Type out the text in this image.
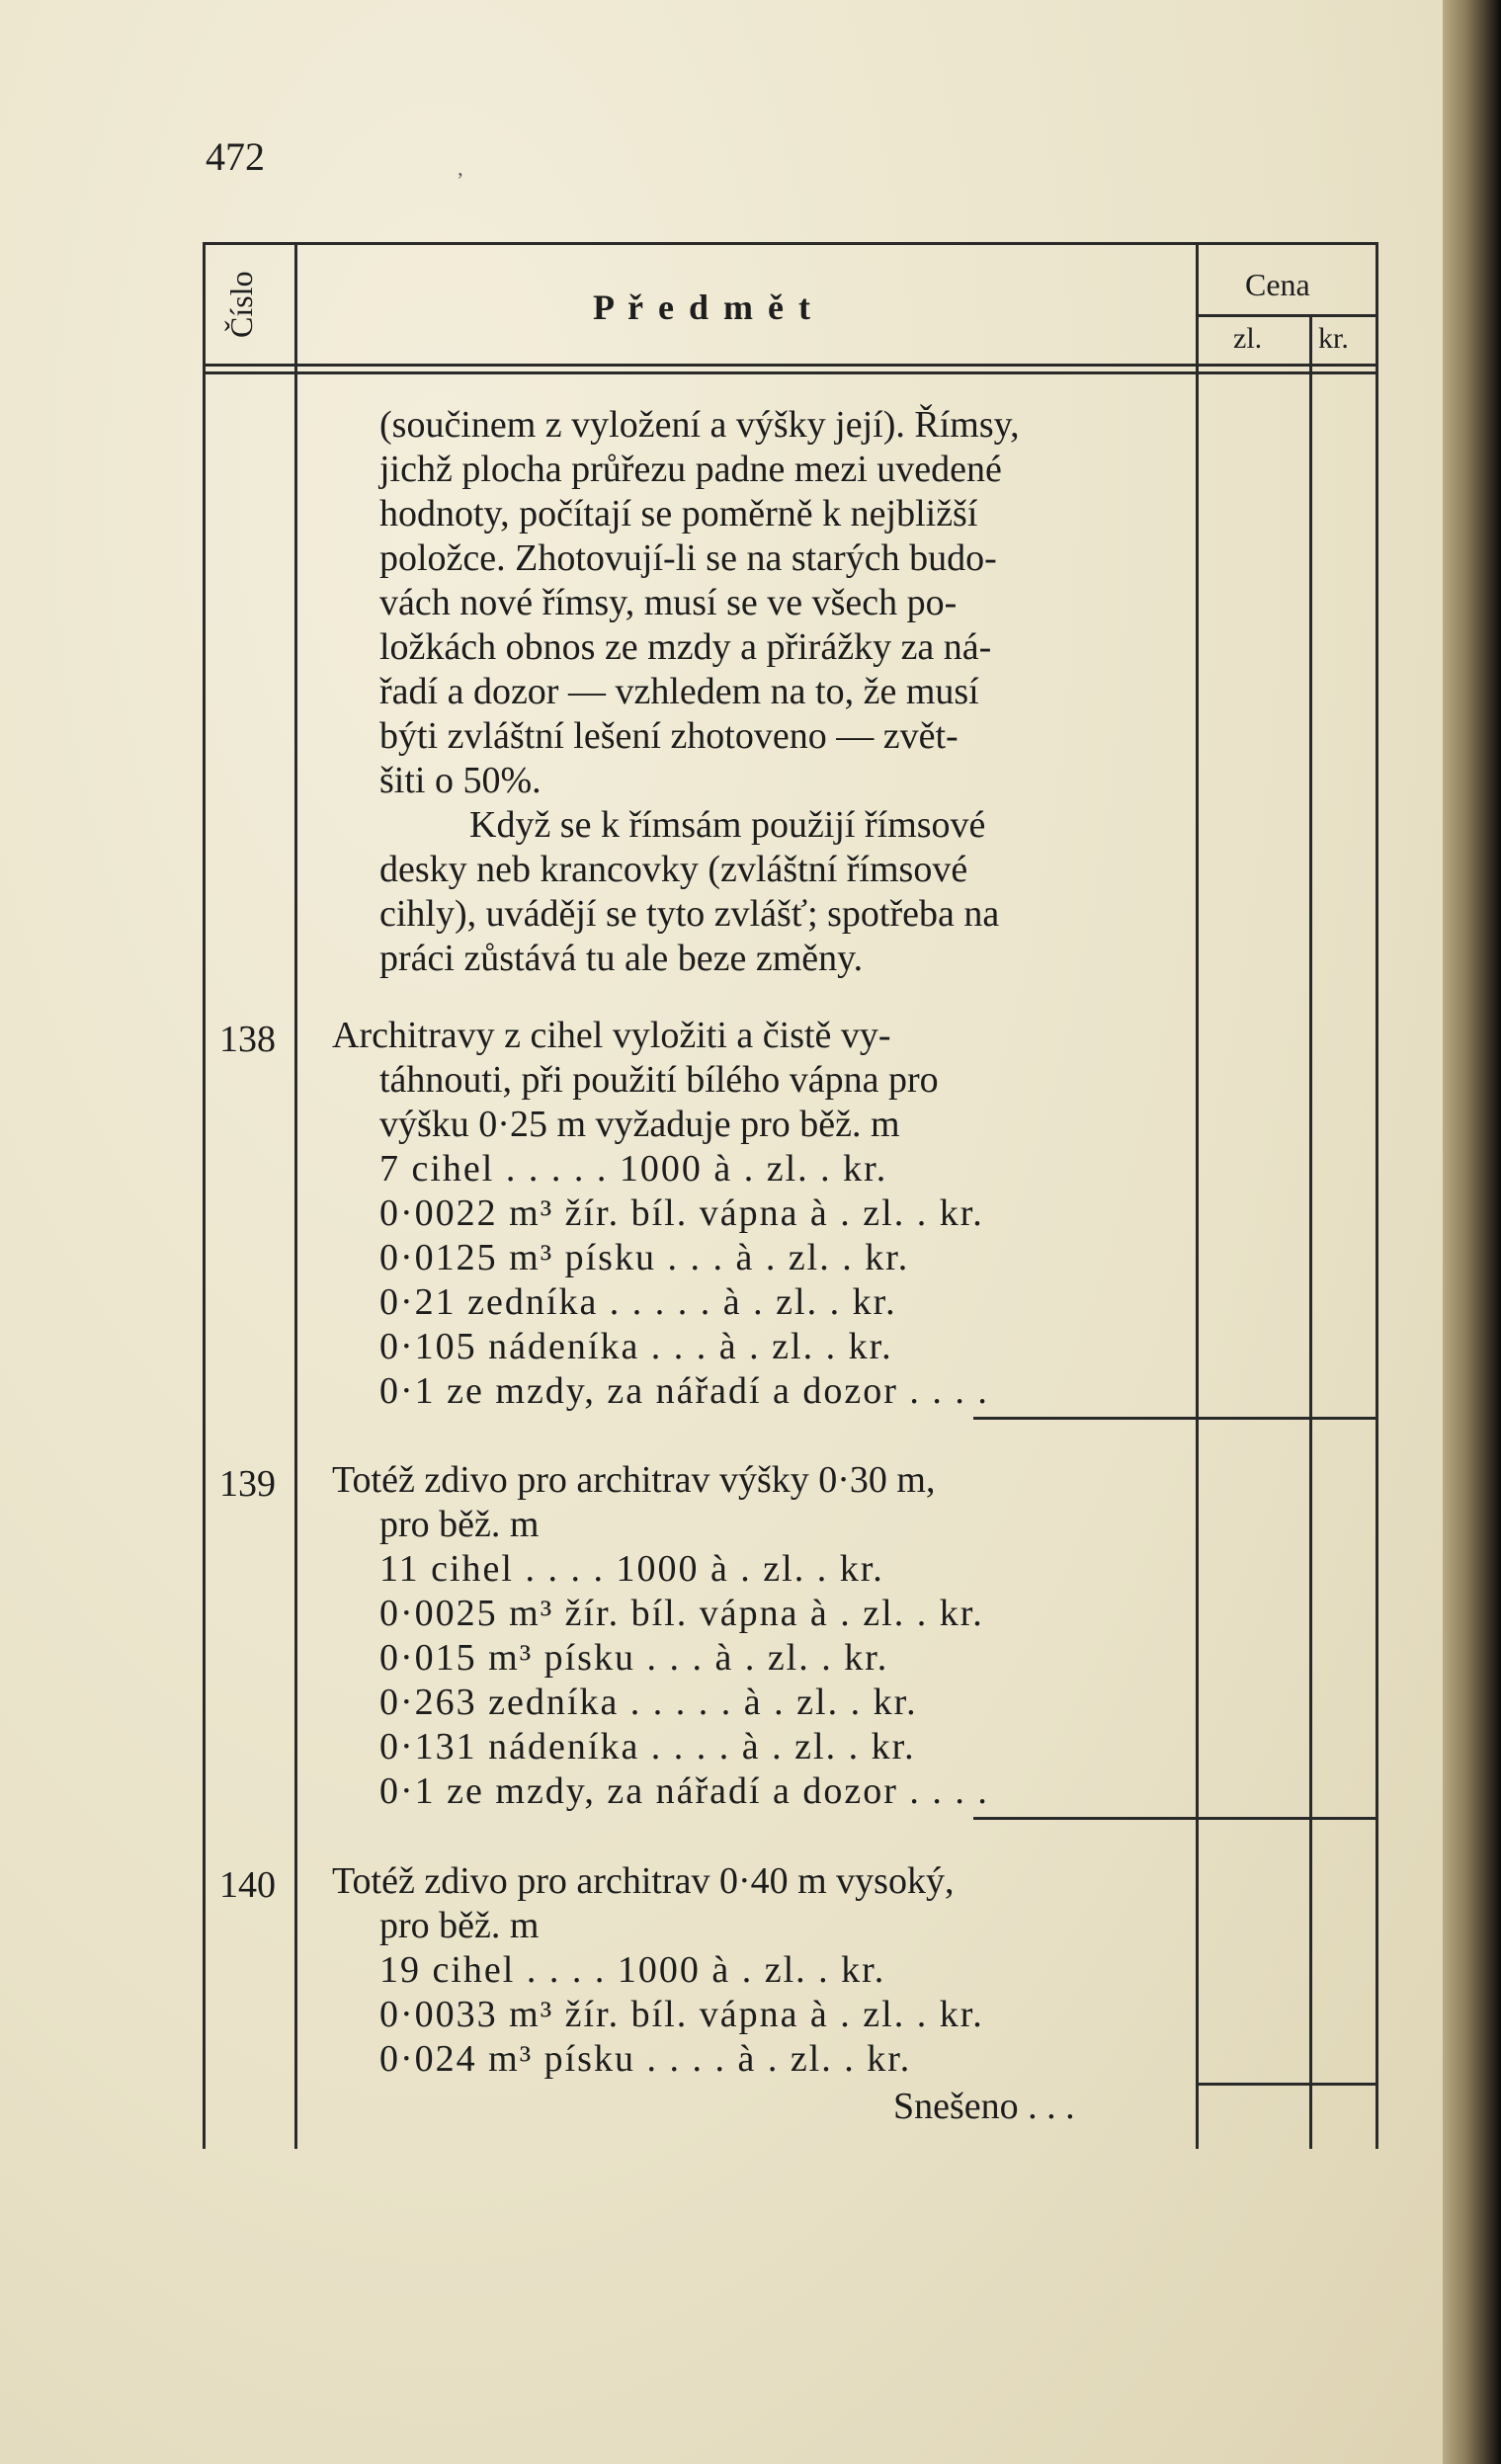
472
ʼ
Číslo	P ř e d m ě t
Cena
zl. kr.
(součinem z vyložení a výšky její). Římsy,
jichž plocha průřezu padne mezi uvedené
hodnoty, počítají se poměrně k nejbližší
položce. Zhotovují-li se na starých budo-
vách nové římsy, musí se ve všech po-
ložkách obnos ze mzdy a přirážky za ná-
řadí a dozor — vzhledem na to, že musí
býti zvláštní lešení zhotoveno — zvět-
šiti o 50%.
Když se k římsám použijí římsové
desky neb krancovky (zvláštní římsové
cihly), uvádějí se tyto zvlášť; spotřeba na
práci zůstává tu ale beze změny.
138 Architravy z cihel vyložiti a čistě vy-
táhnouti, při použití bílého vápna pro
výšku 0·25 m vyžaduje pro běž. m
7 cihel . . . . . 1000 à . zl. . kr.
0·0022 m³ žír. bíl. vápna à . zl. . kr.
0·0125 m³ písku . . . à . zl. . kr.
0·21 zedníka . . . . . à . zl. . kr.
0·105 nádeníka . . . à . zl. . kr.
0·1 ze mzdy, za nářadí a dozor . . . .
139 Totéž zdivo pro architrav výšky 0·30 m,
pro běž. m
11 cihel . . . . 1000 à . zl. . kr.
0·0025 m³ žír. bíl. vápna à . zl. . kr.
0·015 m³ písku . . . à . zl. . kr.
0·263 zedníka . . . . . à . zl. . kr.
0·131 nádeníka . . . . à . zl. . kr.
0·1 ze mzdy, za nářadí a dozor . . . .
140 Totéž zdivo pro architrav 0·40 m vysoký,
pro běž. m
19 cihel . . . . 1000 à . zl. . kr.
0·0033 m³ žír. bíl. vápna à . zl. . kr.
0·024 m³ písku . . . . à . zl. . kr.
Snešeno . . .
